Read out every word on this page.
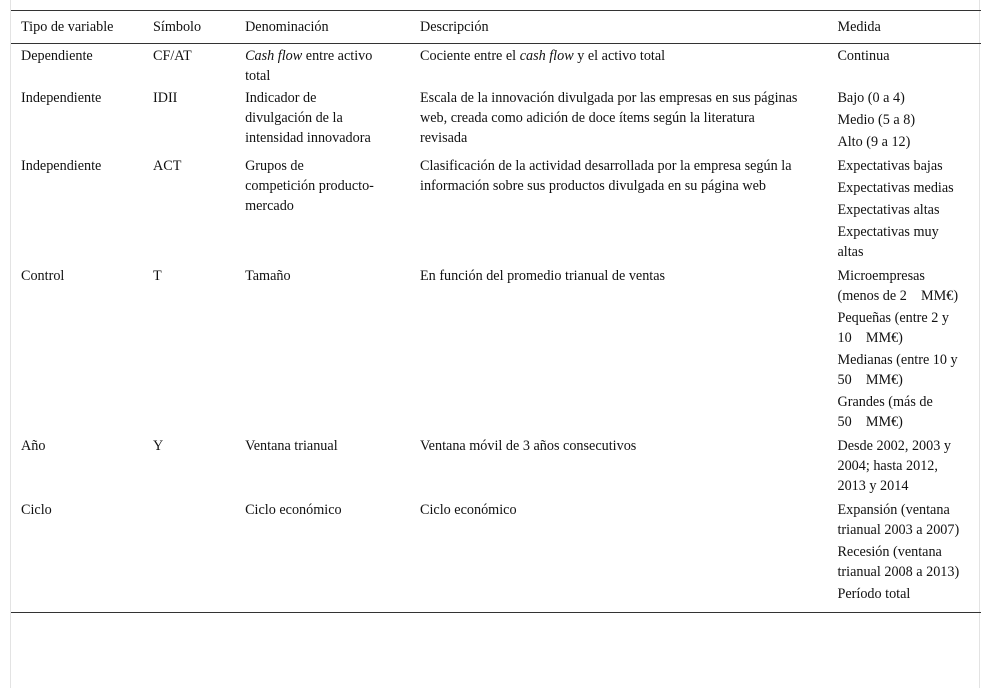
Tipo de variable	Símbolo	Denominación	Descripción	Medida
Dependiente	CF/AT	Cash flow entre activo total	Cociente entre el cash flow y el activo total	Continua

Independiente	IDII	Indicador de divulgación de la intensidad innovadora	Escala de la innovación divulgada por las empresas en sus páginas web, creada como adición de doce ítems según la literatura revisada	Bajo (0 a 4)
Medio (5 a 8)
Alto (9 a 12)

Independiente	ACT	Grupos de competición producto-mercado	Clasificación de la actividad desarrollada por la empresa según la información sobre sus productos divulgada en su página web	Expectativas bajas
Expectativas medias
Expectativas altas
Expectativas muy altas

Control	T	Tamaño	En función del promedio trianual de ventas	Microempresas (menos de 2 MM€)
Pequeñas (entre 2 y 10 MM€)
Medianas (entre 10 y 50 MM€)
Grandes (más de 50 MM€)

Año	Y	Ventana trianual	Ventana móvil de 3 años consecutivos	Desde 2002, 2003 y 2004; hasta 2012, 2013 y 2014

Ciclo		Ciclo económico	Ciclo económico	Expansión (ventana trianual 2003 a 2007)
Recesión (ventana trianual 2008 a 2013)
Período total
